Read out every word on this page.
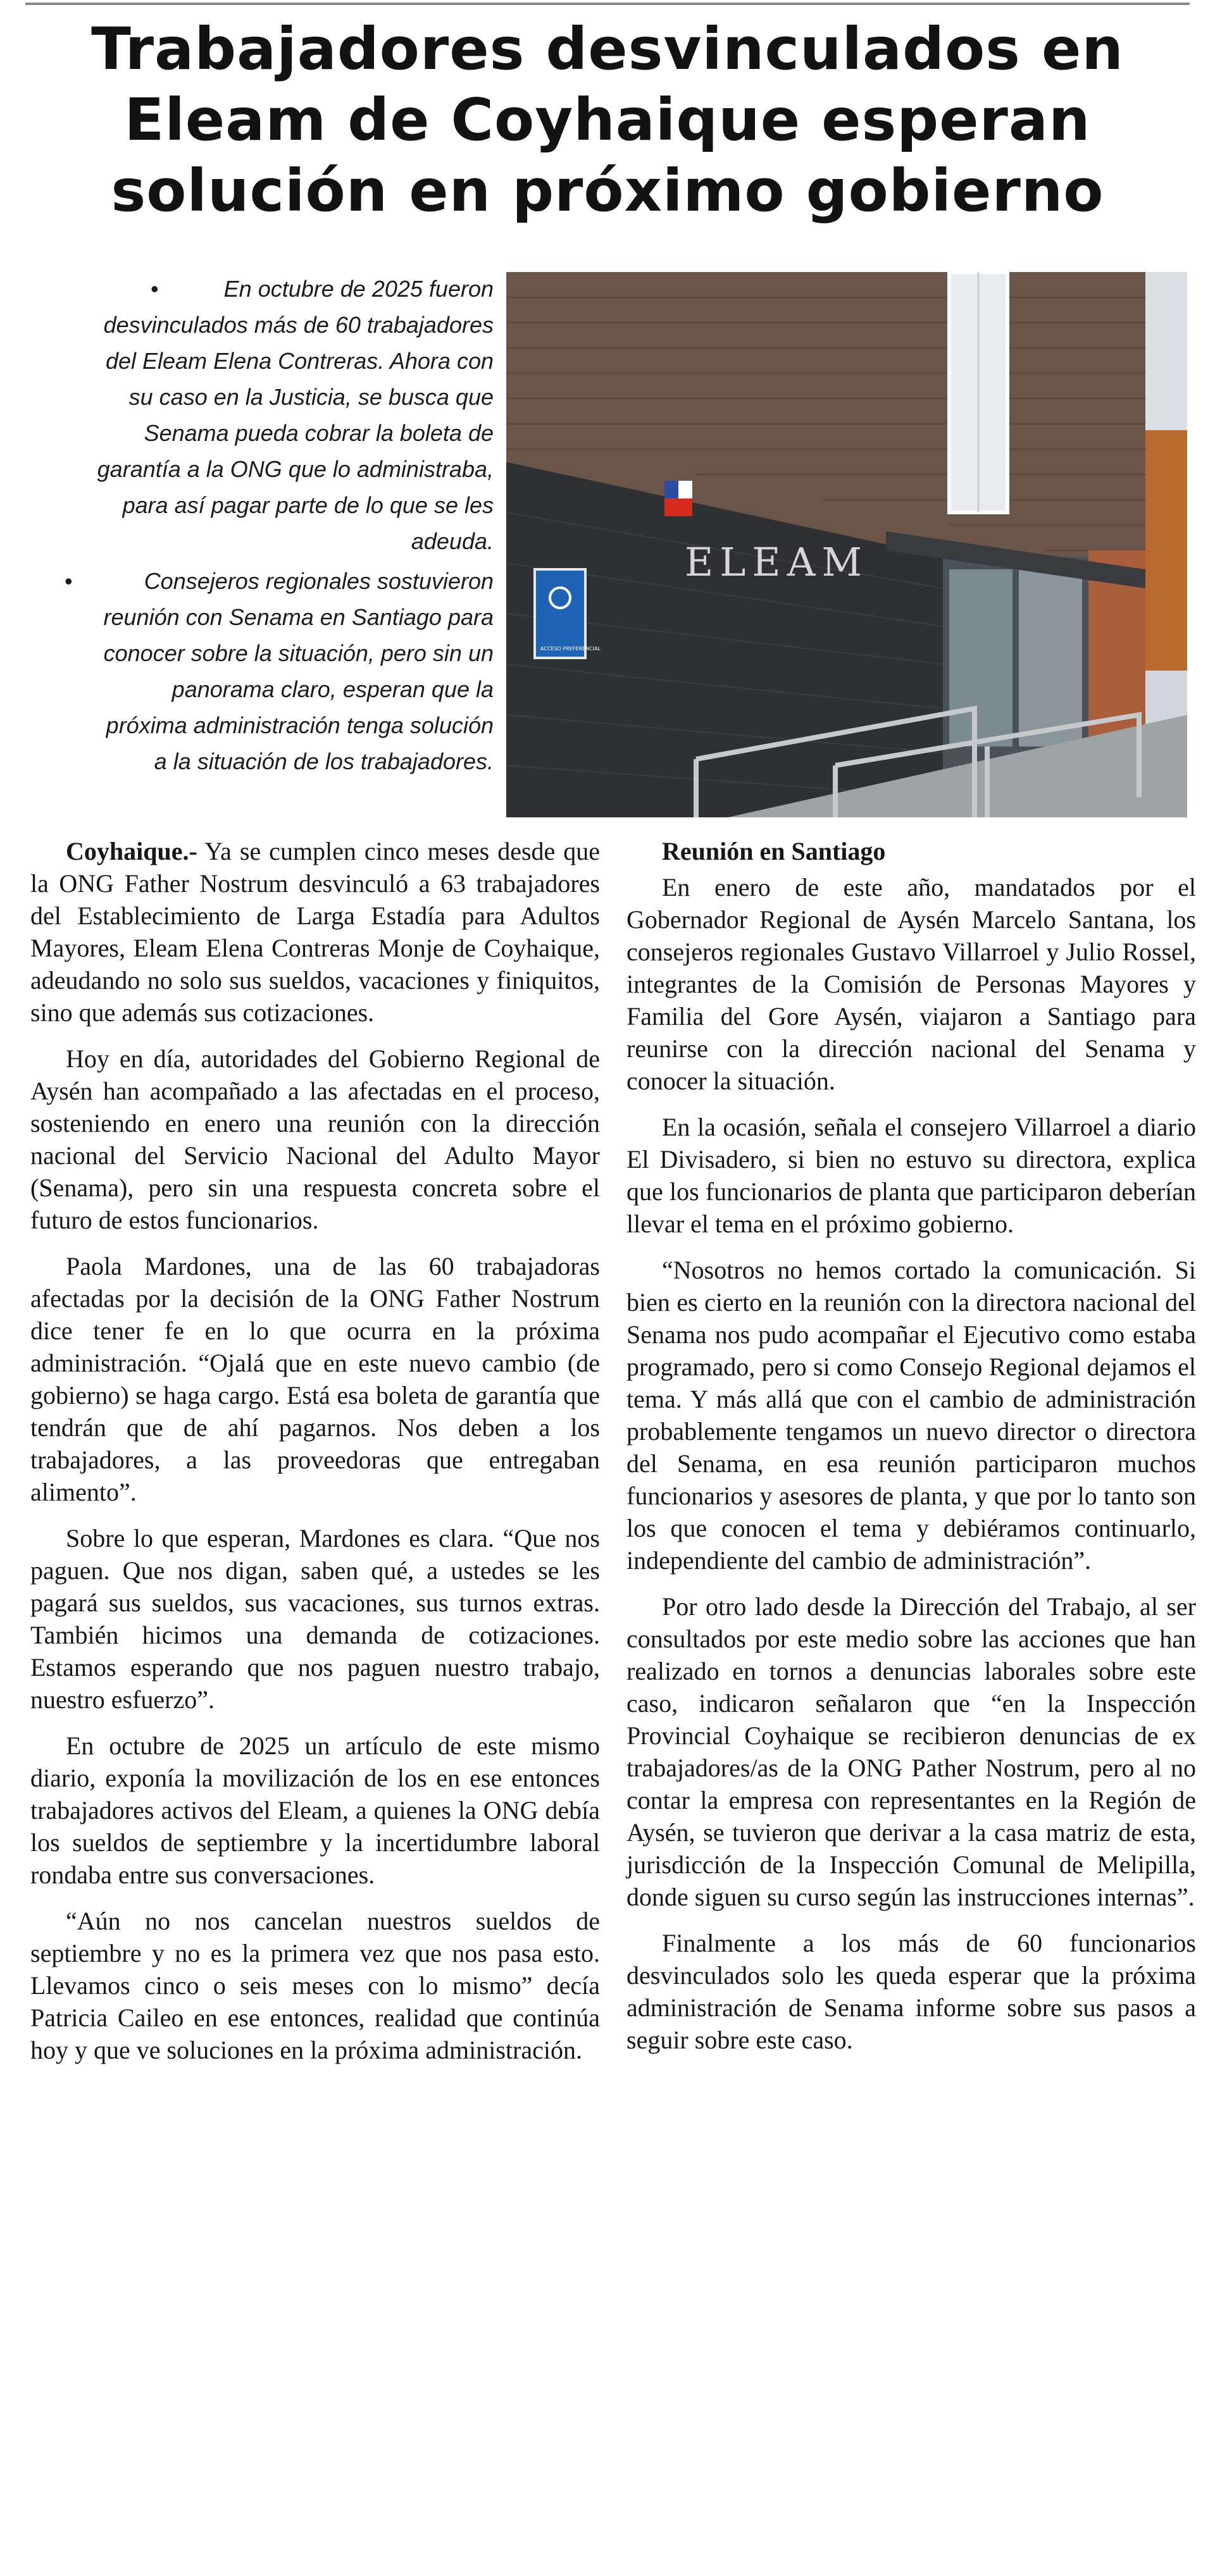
Trabajadores desvinculados en
Eleam de Coyhaique esperan
solución en próximo gobierno
• En octubre de 2025 fueron desvinculados más de 60 trabajadores del Eleam Elena Contreras. Ahora con su caso en la Justicia, se busca que Senama pueda cobrar la boleta de garantía a la ONG que lo administraba, para así pagar parte de lo que se les adeuda.
• Consejeros regionales sostuvieron reunión con Senama en Santiago para conocer sobre la situación, pero sin un panorama claro, esperan que la próxima administración tenga solución a la situación de los trabajadores.
ELEAM
ACCESO PREFERENCIAL

Coyhaique.- Ya se cumplen cinco meses desde que la ONG Father Nostrum desvinculó a 63 trabajadores del Establecimiento de Larga Estadía para Adultos Mayores, Eleam Elena Contreras Monje de Coyhaique, adeudando no solo sus sueldos, vacaciones y finiquitos, sino que además sus cotizaciones.

Hoy en día, autoridades del Gobierno Regional de Aysén han acompañado a las afectadas en el proceso, sosteniendo en enero una reunión con la dirección nacional del Servicio Nacional del Adulto Mayor (Senama), pero sin una respuesta concreta sobre el futuro de estos funcionarios.

Paola Mardones, una de las 60 trabajadoras afectadas por la decisión de la ONG Father Nostrum dice tener fe en lo que ocurra en la próxima administración. “Ojalá que en este nuevo cambio (de gobierno) se haga cargo. Está esa boleta de garantía que tendrán que de ahí pagarnos. Nos deben a los trabajadores, a las proveedoras que entregaban alimento”.

Sobre lo que esperan, Mardones es clara. “Que nos paguen. Que nos digan, saben qué, a ustedes se les pagará sus sueldos, sus vacaciones, sus turnos extras. También hicimos una demanda de cotizaciones. Estamos esperando que nos paguen nuestro trabajo, nuestro esfuerzo”.

En octubre de 2025 un artículo de este mismo diario, exponía la movilización de los en ese entonces trabajadores activos del Eleam, a quienes la ONG debía los sueldos de septiembre y la incertidumbre laboral rondaba entre sus conversaciones.

“Aún no nos cancelan nuestros sueldos de septiembre y no es la primera vez que nos pasa esto. Llevamos cinco o seis meses con lo mismo” decía Patricia Caileo en ese entonces, realidad que continúa hoy y que ve soluciones en la próxima administración.

Reunión en Santiago

En enero de este año, mandatados por el Gobernador Regional de Aysén Marcelo Santana, los consejeros regionales Gustavo Villarroel y Julio Rossel, integrantes de la Comisión de Personas Mayores y Familia del Gore Aysén, viajaron a Santiago para reunirse con la dirección nacional del Senama y conocer la situación.

En la ocasión, señala el consejero Villarroel a diario El Divisadero, si bien no estuvo su directora, explica que los funcionarios de planta que participaron deberían llevar el tema en el próximo gobierno.

“Nosotros no hemos cortado la comunicación. Si bien es cierto en la reunión con la directora nacional del Senama nos pudo acompañar el Ejecutivo como estaba programado, pero si como Consejo Regional dejamos el tema. Y más allá que con el cambio de administración probablemente tengamos un nuevo director o directora del Senama, en esa reunión participaron muchos funcionarios y asesores de planta, y que por lo tanto son los que conocen el tema y debiéramos continuarlo, independiente del cambio de administración”.

Por otro lado desde la Dirección del Trabajo, al ser consultados por este medio sobre las acciones que han realizado en tornos a denuncias laborales sobre este caso, indicaron señalaron que “en la Inspección Provincial Coyhaique se recibieron denuncias de ex trabajadores/as de la ONG Pather Nostrum, pero al no contar la empresa con representantes en la Región de Aysén, se tuvieron que derivar a la casa matriz de esta, jurisdicción de la Inspección Comunal de Melipilla, donde siguen su curso según las instrucciones internas”.

Finalmente a los más de 60 funcionarios desvinculados solo les queda esperar que la próxima administración de Senama informe sobre sus pasos a seguir sobre este caso.
